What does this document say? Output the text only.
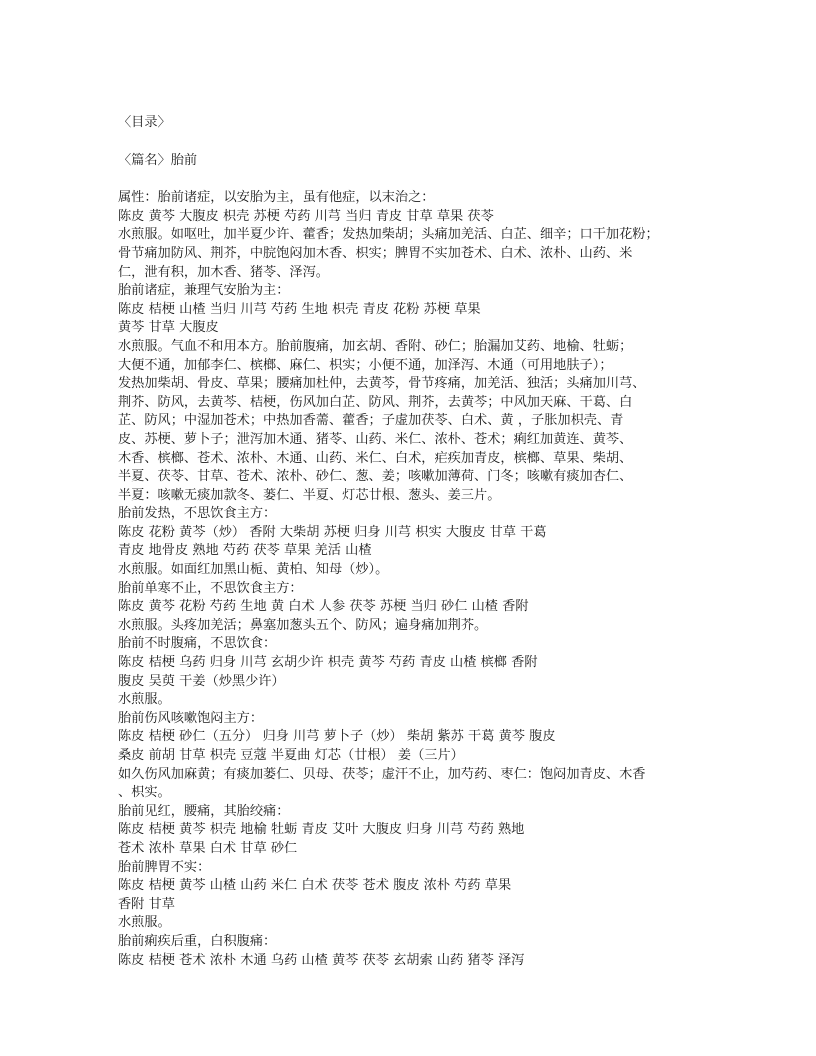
〈目录〉
〈篇名〉胎前
属性：胎前诸症，以安胎为主，虽有他症，以末治之：
陈皮 黄芩 大腹皮 枳壳 苏梗 芍药 川芎 当归 青皮 甘草 草果 茯苓
水煎服。如呕吐，加半夏少许、藿香；发热加柴胡；头痛加羌活、白芷、细辛；口干加花粉；
骨节痛加防风、荆芥，中脘饱闷加木香、枳实；脾胃不实加苍术、白术、浓朴、山药、米
仁，泄有积，加木香、猪苓、泽泻。
胎前诸症，兼理气安胎为主：
陈皮 桔梗 山楂 当归 川芎 芍药 生地 枳壳 青皮 花粉 苏梗 草果
黄芩 甘草 大腹皮
水煎服。气血不和用本方。胎前腹痛，加玄胡、香附、砂仁；胎漏加艾药、地榆、牡蛎；
大便不通，加郁李仁、槟榔、麻仁、枳实；小便不通，加泽泻、木通（可用地肤子）；
发热加柴胡、骨皮、草果；腰痛加杜仲，去黄芩，骨节疼痛，加羌活、独活；头痛加川芎、
荆芥、防风，去黄芩、桔梗，伤风加白芷、防风、荆芥，去黄芩；中风加天麻、干葛、白
芷、防风；中湿加苍术；中热加香薷、藿香；子虚加茯苓、白术、黄 ，子胀加枳壳、青
皮、苏梗、萝卜子；泄泻加木通、猪苓、山药、米仁、浓朴、苍术；痢红加黄连、黄芩、
木香、槟榔、苍术、浓朴、木通、山药、米仁、白术，疟疾加青皮，槟榔、草果、柴胡、
半夏、茯苓、甘草、苍术、浓朴、砂仁、葱、姜；咳嗽加薄荷、门冬；咳嗽有痰加杏仁、
半夏：咳嗽无痰加款冬、蒌仁、半夏、灯芯廿根、葱头、姜三片。
胎前发热，不思饮食主方：
陈皮 花粉 黄芩（炒） 香附 大柴胡 苏梗 归身 川芎 枳实 大腹皮 甘草 干葛
青皮 地骨皮 熟地 芍药 茯苓 草果 羌活 山楂
水煎服。如面红加黑山栀、黄柏、知母（炒）。
胎前单寒不止，不思饮食主方：
陈皮 黄芩 花粉 芍药 生地 黄 白术 人参 茯苓 苏梗 当归 砂仁 山楂 香附
水煎服。头疼加羌活；鼻塞加葱头五个、防风；遍身痛加荆芥。
胎前不时腹痛，不思饮食：
陈皮 桔梗 乌药 归身 川芎 玄胡少许 枳壳 黄芩 芍药 青皮 山楂 槟榔 香附
腹皮 吴萸 干姜（炒黑少许）
水煎服。
胎前伤风咳嗽饱闷主方：
陈皮 桔梗 砂仁（五分） 归身 川芎 萝卜子（炒） 柴胡 紫苏 干葛 黄芩 腹皮
桑皮 前胡 甘草 枳壳 豆蔻 半夏曲 灯芯（廿根） 姜（三片）
如久伤风加麻黄；有痰加蒌仁、贝母、茯苓；虚汗不止，加芍药、枣仁：饱闷加青皮、木香
、枳实。
胎前见红，腰痛，其胎绞痛：
陈皮 桔梗 黄芩 枳壳 地榆 牡蛎 青皮 艾叶 大腹皮 归身 川芎 芍药 熟地
苍术 浓朴 草果 白术 甘草 砂仁
胎前脾胃不实：
陈皮 桔梗 黄芩 山楂 山药 米仁 白术 茯苓 苍术 腹皮 浓朴 芍药 草果
香附 甘草
水煎服。
胎前痢疾后重，白积腹痛：
陈皮 桔梗 苍术 浓朴 木通 乌药 山楂 黄芩 茯苓 玄胡索 山药 猪苓 泽泻
